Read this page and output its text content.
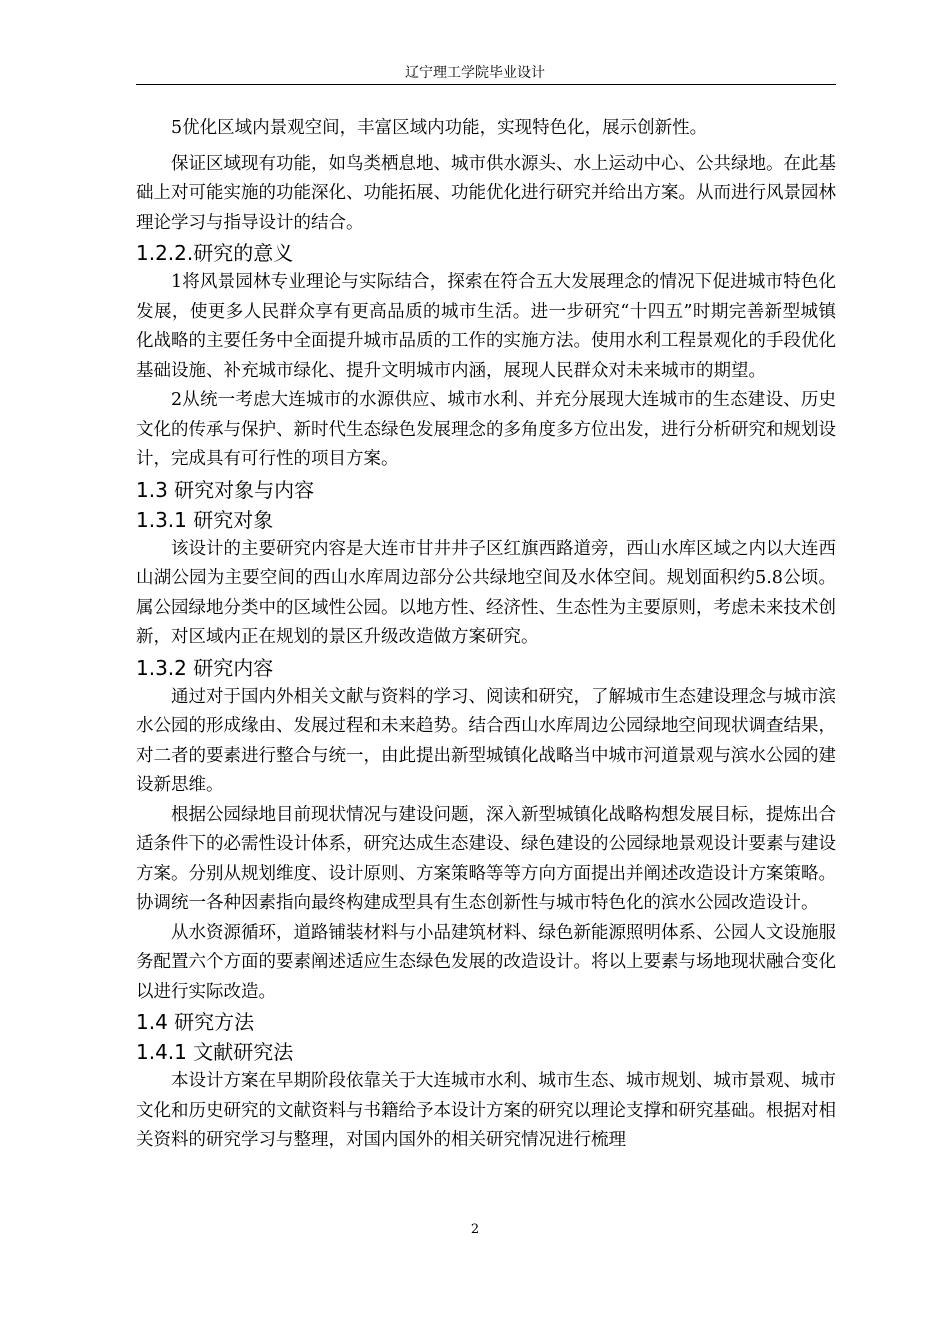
辽宁理工学院毕业设计

5优化区域内景观空间，丰富区域内功能，实现特色化，展示创新性。

保证区域现有功能，如鸟类栖息地、城市供水源头、水上运动中心、公共绿地。在此基础上对可能实施的功能深化、功能拓展、功能优化进行研究并给出方案。从而进行风景园林理论学习与指导设计的结合。

1.2.2.研究的意义

1将风景园林专业理论与实际结合，探索在符合五大发展理念的情况下促进城市特色化发展，使更多人民群众享有更高品质的城市生活。进一步研究“十四五”时期完善新型城镇化战略的主要任务中全面提升城市品质的工作的实施方法。使用水利工程景观化的手段优化基础设施、补充城市绿化、提升文明城市内涵，展现人民群众对未来城市的期望。

2从统一考虑大连城市的水源供应、城市水利、并充分展现大连城市的生态建设、历史文化的传承与保护、新时代生态绿色发展理念的多角度多方位出发，进行分析研究和规划设计，完成具有可行性的项目方案。

1.3 研究对象与内容
1.3.1 研究对象

该设计的主要研究内容是大连市甘井井子区红旗西路道旁，西山水库区域之内以大连西山湖公园为主要空间的西山水库周边部分公共绿地空间及水体空间。规划面积约5.8公顷。属公园绿地分类中的区域性公园。以地方性、经济性、生态性为主要原则，考虑未来技术创新，对区域内正在规划的景区升级改造做方案研究。

1.3.2 研究内容

通过对于国内外相关文献与资料的学习、阅读和研究，了解城市生态建设理念与城市滨水公园的形成缘由、发展过程和未来趋势。结合西山水库周边公园绿地空间现状调查结果，对二者的要素进行整合与统一，由此提出新型城镇化战略当中城市河道景观与滨水公园的建设新思维。

根据公园绿地目前现状情况与建设问题，深入新型城镇化战略构想发展目标，提炼出合适条件下的必需性设计体系，研究达成生态建设、绿色建设的公园绿地景观设计要素与建设方案。分别从规划维度、设计原则、方案策略等等方向方面提出并阐述改造设计方案策略。协调统一各种因素指向最终构建成型具有生态创新性与城市特色化的滨水公园改造设计。

从水资源循环，道路铺装材料与小品建筑材料、绿色新能源照明体系、公园人文设施服务配置六个方面的要素阐述适应生态绿色发展的改造设计。将以上要素与场地现状融合变化以进行实际改造。

1.4 研究方法
1.4.1 文献研究法

本设计方案在早期阶段依靠关于大连城市水利、城市生态、城市规划、城市景观、城市文化和历史研究的文献资料与书籍给予本设计方案的研究以理论支撑和研究基础。根据对相关资料的研究学习与整理，对国内国外的相关研究情况进行梳理

2
